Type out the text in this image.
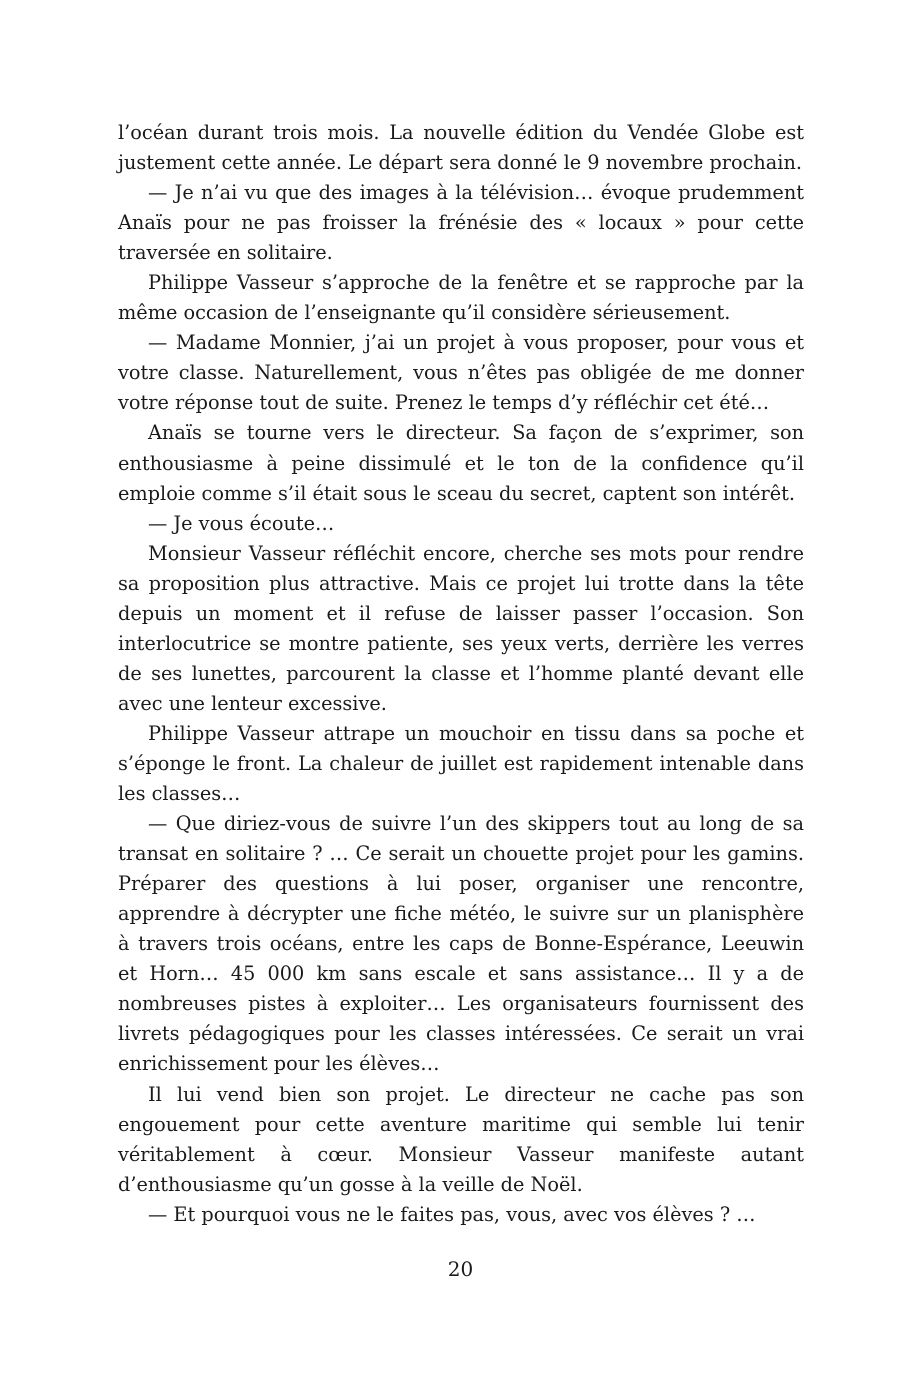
l’océan durant trois mois. La nouvelle édition du Vendée Globe est justement cette année. Le départ sera donné le 9 novembre prochain.

— Je n’ai vu que des images à la télévision… évoque prudemment Anaïs pour ne pas froisser la frénésie des « locaux » pour cette traversée en solitaire.

Philippe Vasseur s’approche de la fenêtre et se rapproche par la même occasion de l’enseignante qu’il considère sérieusement.

— Madame Monnier, j’ai un projet à vous proposer, pour vous et votre classe. Naturellement, vous n’êtes pas obligée de me donner votre réponse tout de suite. Prenez le temps d’y réfléchir cet été…

Anaïs se tourne vers le directeur. Sa façon de s’exprimer, son enthousiasme à peine dissimulé et le ton de la confidence qu’il emploie comme s’il était sous le sceau du secret, captent son intérêt.

— Je vous écoute…

Monsieur Vasseur réfléchit encore, cherche ses mots pour rendre sa proposition plus attractive. Mais ce projet lui trotte dans la tête depuis un moment et il refuse de laisser passer l’occasion. Son interlocutrice se montre patiente, ses yeux verts, derrière les verres de ses lunettes, parcourent la classe et l’homme planté devant elle avec une lenteur excessive.

Philippe Vasseur attrape un mouchoir en tissu dans sa poche et s’éponge le front. La chaleur de juillet est rapidement intenable dans les classes…

— Que diriez-vous de suivre l’un des skippers tout au long de sa transat en solitaire ? … Ce serait un chouette projet pour les gamins. Préparer des questions à lui poser, organiser une rencontre, apprendre à décrypter une fiche météo, le suivre sur un planisphère à travers trois océans, entre les caps de Bonne-Espérance, Leeuwin et Horn… 45 000 km sans escale et sans assistance… Il y a de nombreuses pistes à exploiter… Les organisateurs fournissent des livrets pédagogiques pour les classes intéressées. Ce serait un vrai enrichissement pour les élèves…

Il lui vend bien son projet. Le directeur ne cache pas son engouement pour cette aventure maritime qui semble lui tenir véritablement à cœur. Monsieur Vasseur manifeste autant d’enthousiasme qu’un gosse à la veille de Noël.

— Et pourquoi vous ne le faites pas, vous, avec vos élèves ? …

20
